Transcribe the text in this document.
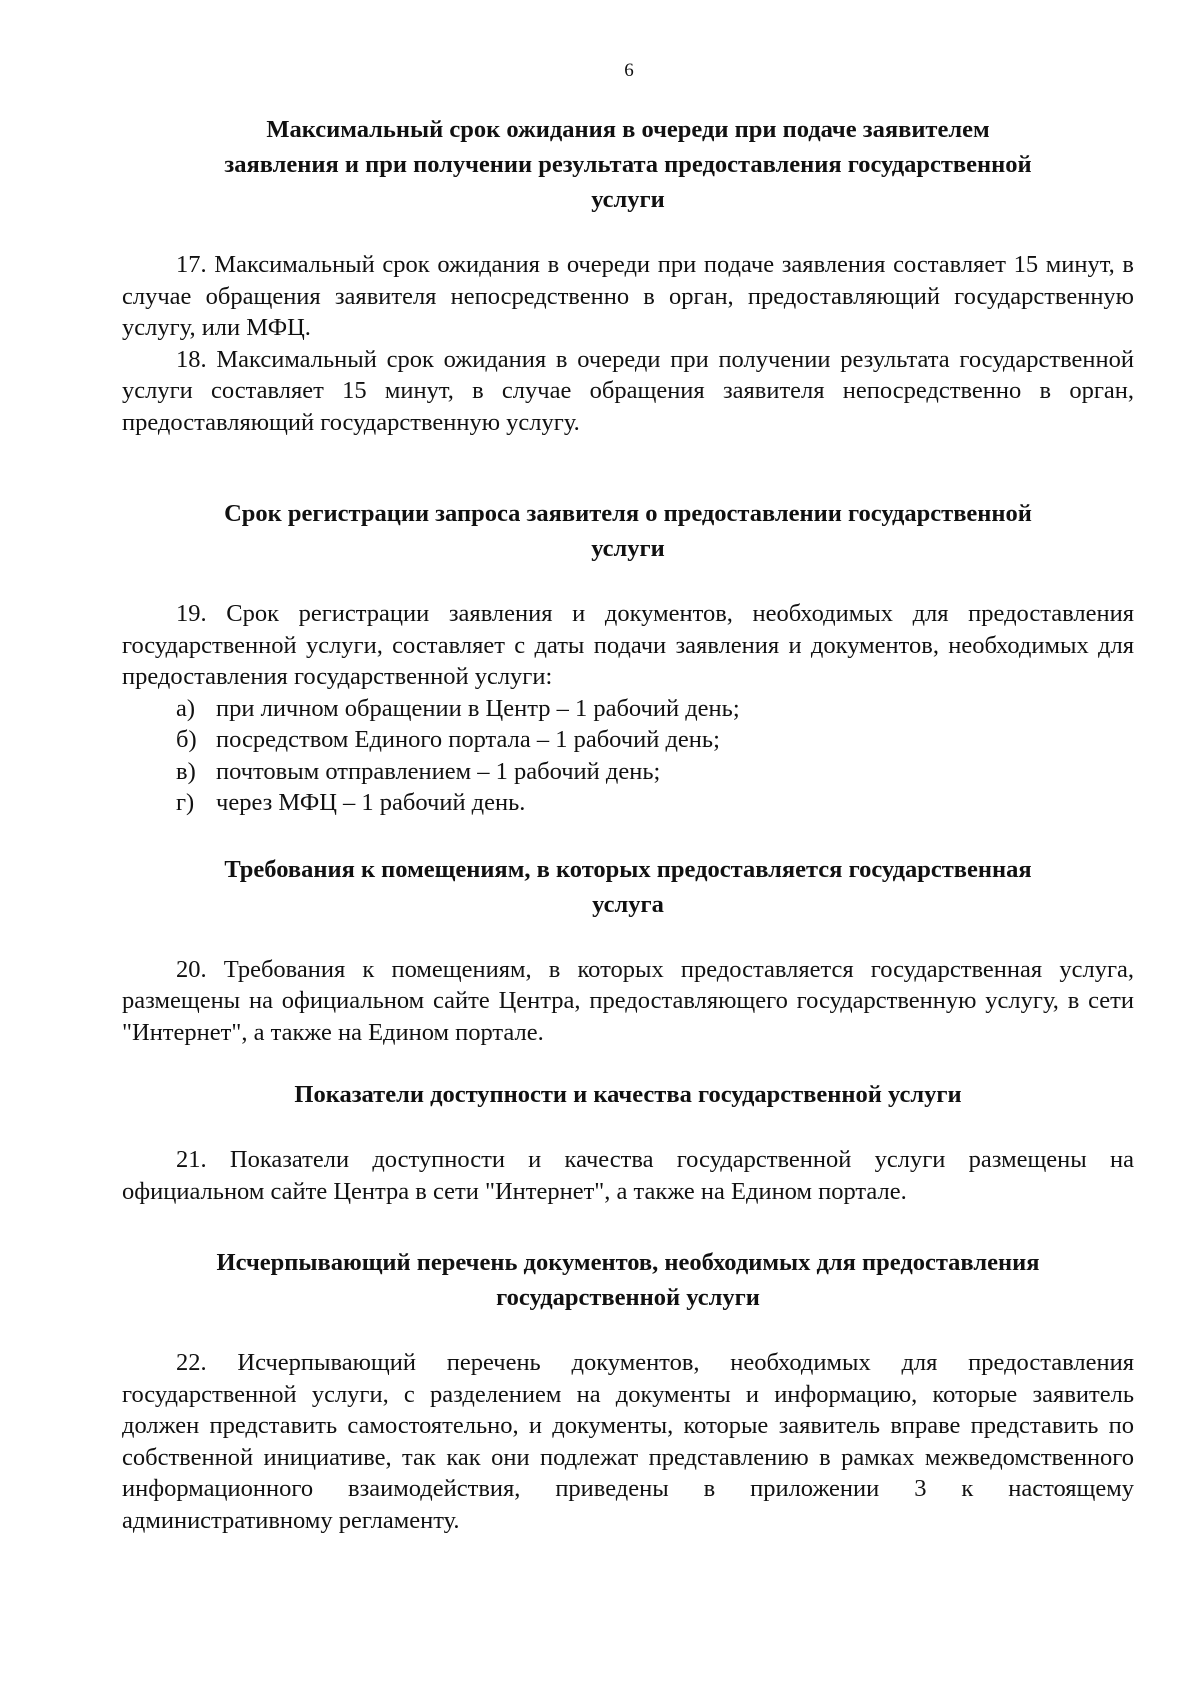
6
Максимальный срок ожидания в очереди при подаче заявителем
заявления и при получении результата предоставления государственной
услуги

17. Максимальный срок ожидания в очереди при подаче заявления составляет 15 минут, в случае обращения заявителя непосредственно в орган, предоставляющий государственную услугу, или МФЦ.

18. Максимальный срок ожидания в очереди при получении результата государственной услуги составляет 15 минут, в случае обращения заявителя непосредственно в орган, предоставляющий государственную услугу.

Срок регистрации запроса заявителя о предоставлении государственной
услуги

19. Срок регистрации заявления и документов, необходимых для предоставления государственной услуги, составляет с даты подачи заявления и документов, необходимых для предоставления государственной услуги:

а) при личном обращении в Центр – 1 рабочий день;
б) посредством Единого портала – 1 рабочий день;
в) почтовым отправлением – 1 рабочий день;
г) через МФЦ – 1 рабочий день.
Требования к помещениям, в которых предоставляется государственная
услуга

20. Требования к помещениям, в которых предоставляется государственная услуга, размещены на официальном сайте Центра, предоставляющего государственную услугу, в сети "Интернет", а также на Едином портале.

Показатели доступности и качества государственной услуги

21. Показатели доступности и качества государственной услуги размещены на официальном сайте Центра в сети "Интернет", а также на Едином портале.

Исчерпывающий перечень документов, необходимых для предоставления
государственной услуги

22. Исчерпывающий перечень документов, необходимых для предоставления государственной услуги, с разделением на документы и информацию, которые заявитель должен представить самостоятельно, и документы, которые заявитель вправе представить по собственной инициативе, так как они подлежат представлению в рамках межведомственного информационного взаимодействия, приведены в приложении 3 к настоящему административному регламенту.
